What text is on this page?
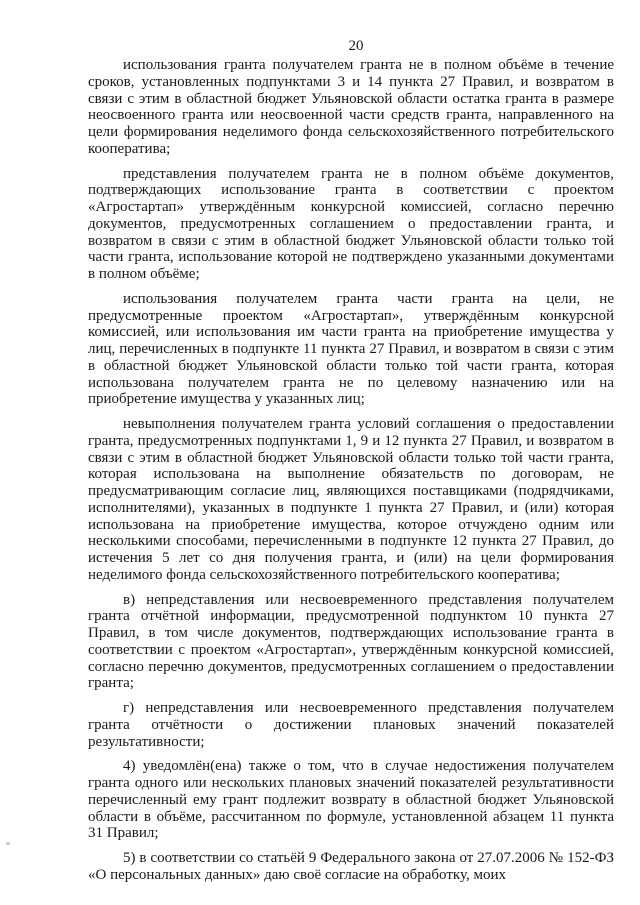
20

использования гранта получателем гранта не в полном объёме в течение сроков, установленных подпунктами 3 и 14 пункта 27 Правил, и возвратом в связи с этим в областной бюджет Ульяновской области остатка гранта в размере неосвоенного гранта или неосвоенной части средств гранта, направленного на цели формирования неделимого фонда сельскохозяйственного потребительского кооператива;

представления получателем гранта не в полном объёме документов, подтверждающих использование гранта в соответствии с проектом «Агростартап» утверждённым конкурсной комиссией, согласно перечню документов, предусмотренных соглашением о предоставлении гранта, и возвратом в связи с этим в областной бюджет Ульяновской области только той части гранта, использование которой не подтверждено указанными документами в полном объёме;

использования получателем гранта части гранта на цели, не предусмотренные проектом «Агростартап», утверждённым конкурсной комиссией, или использования им части гранта на приобретение имущества у лиц, перечисленных в подпункте 11 пункта 27 Правил, и возвратом в связи с этим в областной бюджет Ульяновской области только той части гранта, которая использована получателем гранта не по целевому назначению или на приобретение имущества у указанных лиц;

невыполнения получателем гранта условий соглашения о предоставлении гранта, предусмотренных подпунктами 1, 9 и 12 пункта 27 Правил, и возвратом в связи с этим в областной бюджет Ульяновской области только той части гранта, которая использована на выполнение обязательств по договорам, не предусматривающим согласие лиц, являющихся поставщиками (подрядчиками, исполнителями), указанных в подпункте 1 пункта 27 Правил, и (или) которая использована на приобретение имущества, которое отчуждено одним или несколькими способами, перечисленными в подпункте 12 пункта 27 Правил, до истечения 5 лет со дня получения гранта, и (или) на цели формирования неделимого фонда сельскохозяйственного потребительского кооператива;

в) непредставления или несвоевременного представления получателем гранта отчётной информации, предусмотренной подпунктом 10 пункта 27 Правил, в том числе документов, подтверждающих использование гранта в соответствии с проектом «Агростартап», утверждённым конкурсной комиссией, согласно перечню документов, предусмотренных соглашением о предоставлении гранта;

г) непредставления или несвоевременного представления получателем гранта отчётности о достижении плановых значений показателей результативности;

4) уведомлён(ена) также о том, что в случае недостижения получателем гранта одного или нескольких плановых значений показателей результативности перечисленный ему грант подлежит возврату в областной бюджет Ульяновской области в объёме, рассчитанном по формуле, установленной абзацем 11 пункта 31 Правил;

5) в соответствии со статьёй 9 Федерального закона от 27.07.2006 № 152-ФЗ «О персональных данных» даю своё согласие на обработку, моих
